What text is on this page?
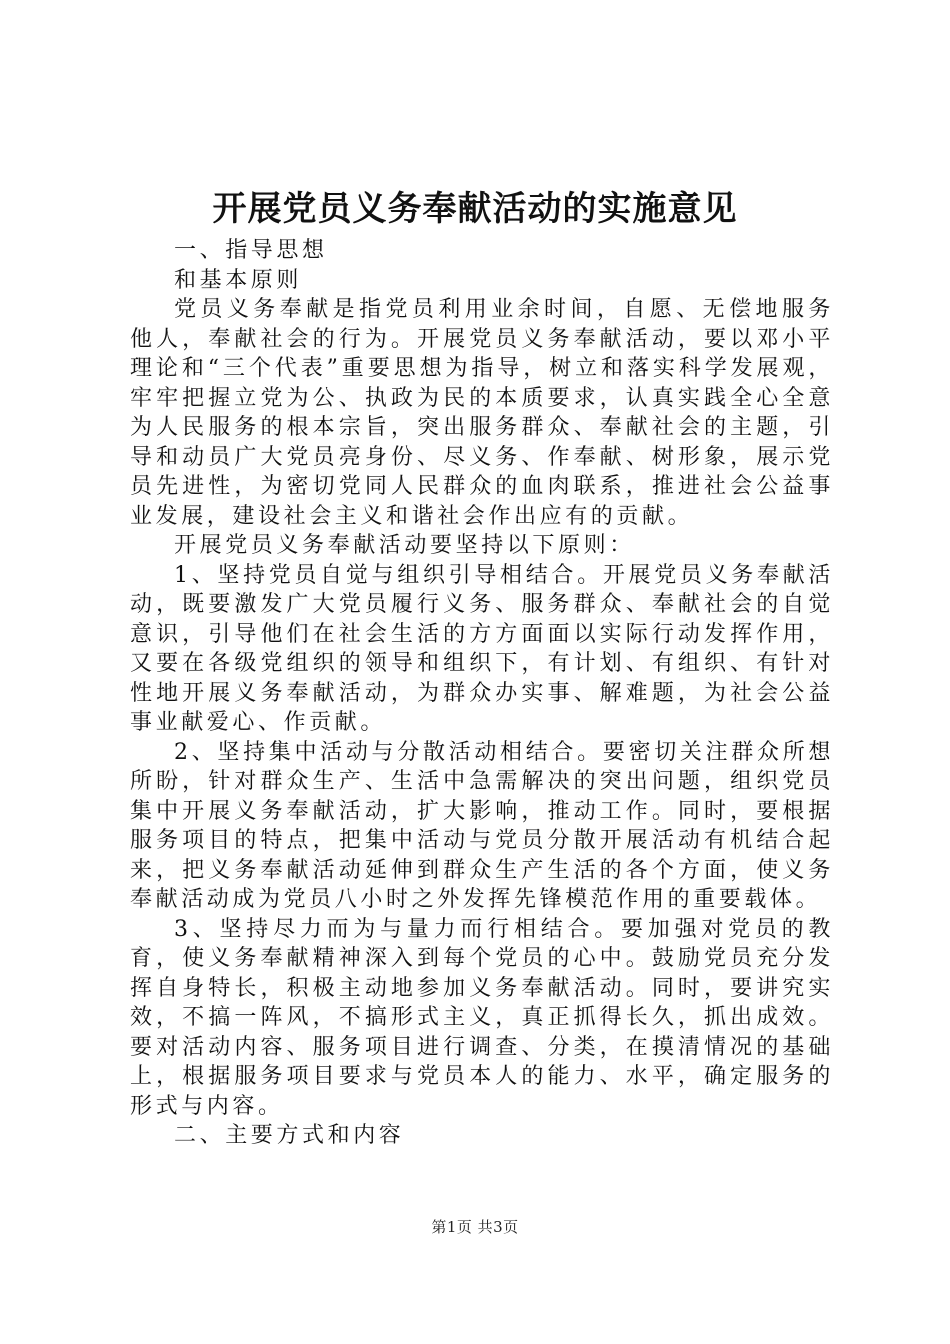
开展党员义务奉献活动的实施意见

一、指导思想

和基本原则

党员义务奉献是指党员利用业余时间，自愿、无偿地服务他人，奉献社会的行为。开展党员义务奉献活动，要以邓小平理论和“三个代表”重要思想为指导，树立和落实科学发展观，牢牢把握立党为公、执政为民的本质要求，认真实践全心全意为人民服务的根本宗旨，突出服务群众、奉献社会的主题，引导和动员广大党员亮身份、尽义务、作奉献、树形象，展示党员先进性，为密切党同人民群众的血肉联系，推进社会公益事业发展，建设社会主义和谐社会作出应有的贡献。

开展党员义务奉献活动要坚持以下原则：

1、坚持党员自觉与组织引导相结合。开展党员义务奉献活动，既要激发广大党员履行义务、服务群众、奉献社会的自觉意识，引导他们在社会生活的方方面面以实际行动发挥作用，又要在各级党组织的领导和组织下，有计划、有组织、有针对性地开展义务奉献活动，为群众办实事、解难题，为社会公益事业献爱心、作贡献。

2、坚持集中活动与分散活动相结合。要密切关注群众所想所盼，针对群众生产、生活中急需解决的突出问题，组织党员集中开展义务奉献活动，扩大影响，推动工作。同时，要根据服务项目的特点，把集中活动与党员分散开展活动有机结合起来，把义务奉献活动延伸到群众生产生活的各个方面，使义务奉献活动成为党员八小时之外发挥先锋模范作用的重要载体。

3、坚持尽力而为与量力而行相结合。要加强对党员的教育，使义务奉献精神深入到每个党员的心中。鼓励党员充分发挥自身特长，积极主动地参加义务奉献活动。同时，要讲究实效，不搞一阵风，不搞形式主义，真正抓得长久，抓出成效。要对活动内容、服务项目进行调查、分类，在摸清情况的基础上，根据服务项目要求与党员本人的能力、水平，确定服务的形式与内容。

二、主要方式和内容

第1页 共3页
